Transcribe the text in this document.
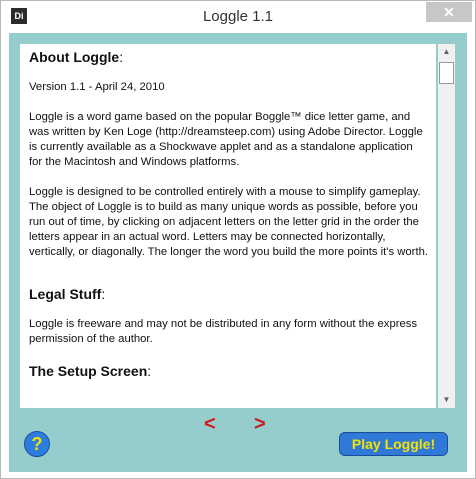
Di	Loggle 1.1	✕

About Loggle:

Version 1.1 - April 24, 2010

Loggle is a word game based on the popular Boggle™ dice letter game, and was written by Ken Loge (http://dreamsteep.com) using Adobe Director. Loggle is currently available as a Shockwave applet and as a standalone application for the Macintosh and Windows platforms.

Loggle is designed to be controlled entirely with a mouse to simplify gameplay. The object of Loggle is to build as many unique words as possible, before you run out of time, by clicking on adjacent letters on the letter grid in the order the letters appear in an actual word. Letters may be connected horizontally, vertically, or diagonally. The longer the word you build the more points it's worth.

Legal Stuff:

Loggle is freeware and may not be distributed in any form without the express permission of the author.

The Setup Screen:

▲
▼
< >
?	Play Loggle!
